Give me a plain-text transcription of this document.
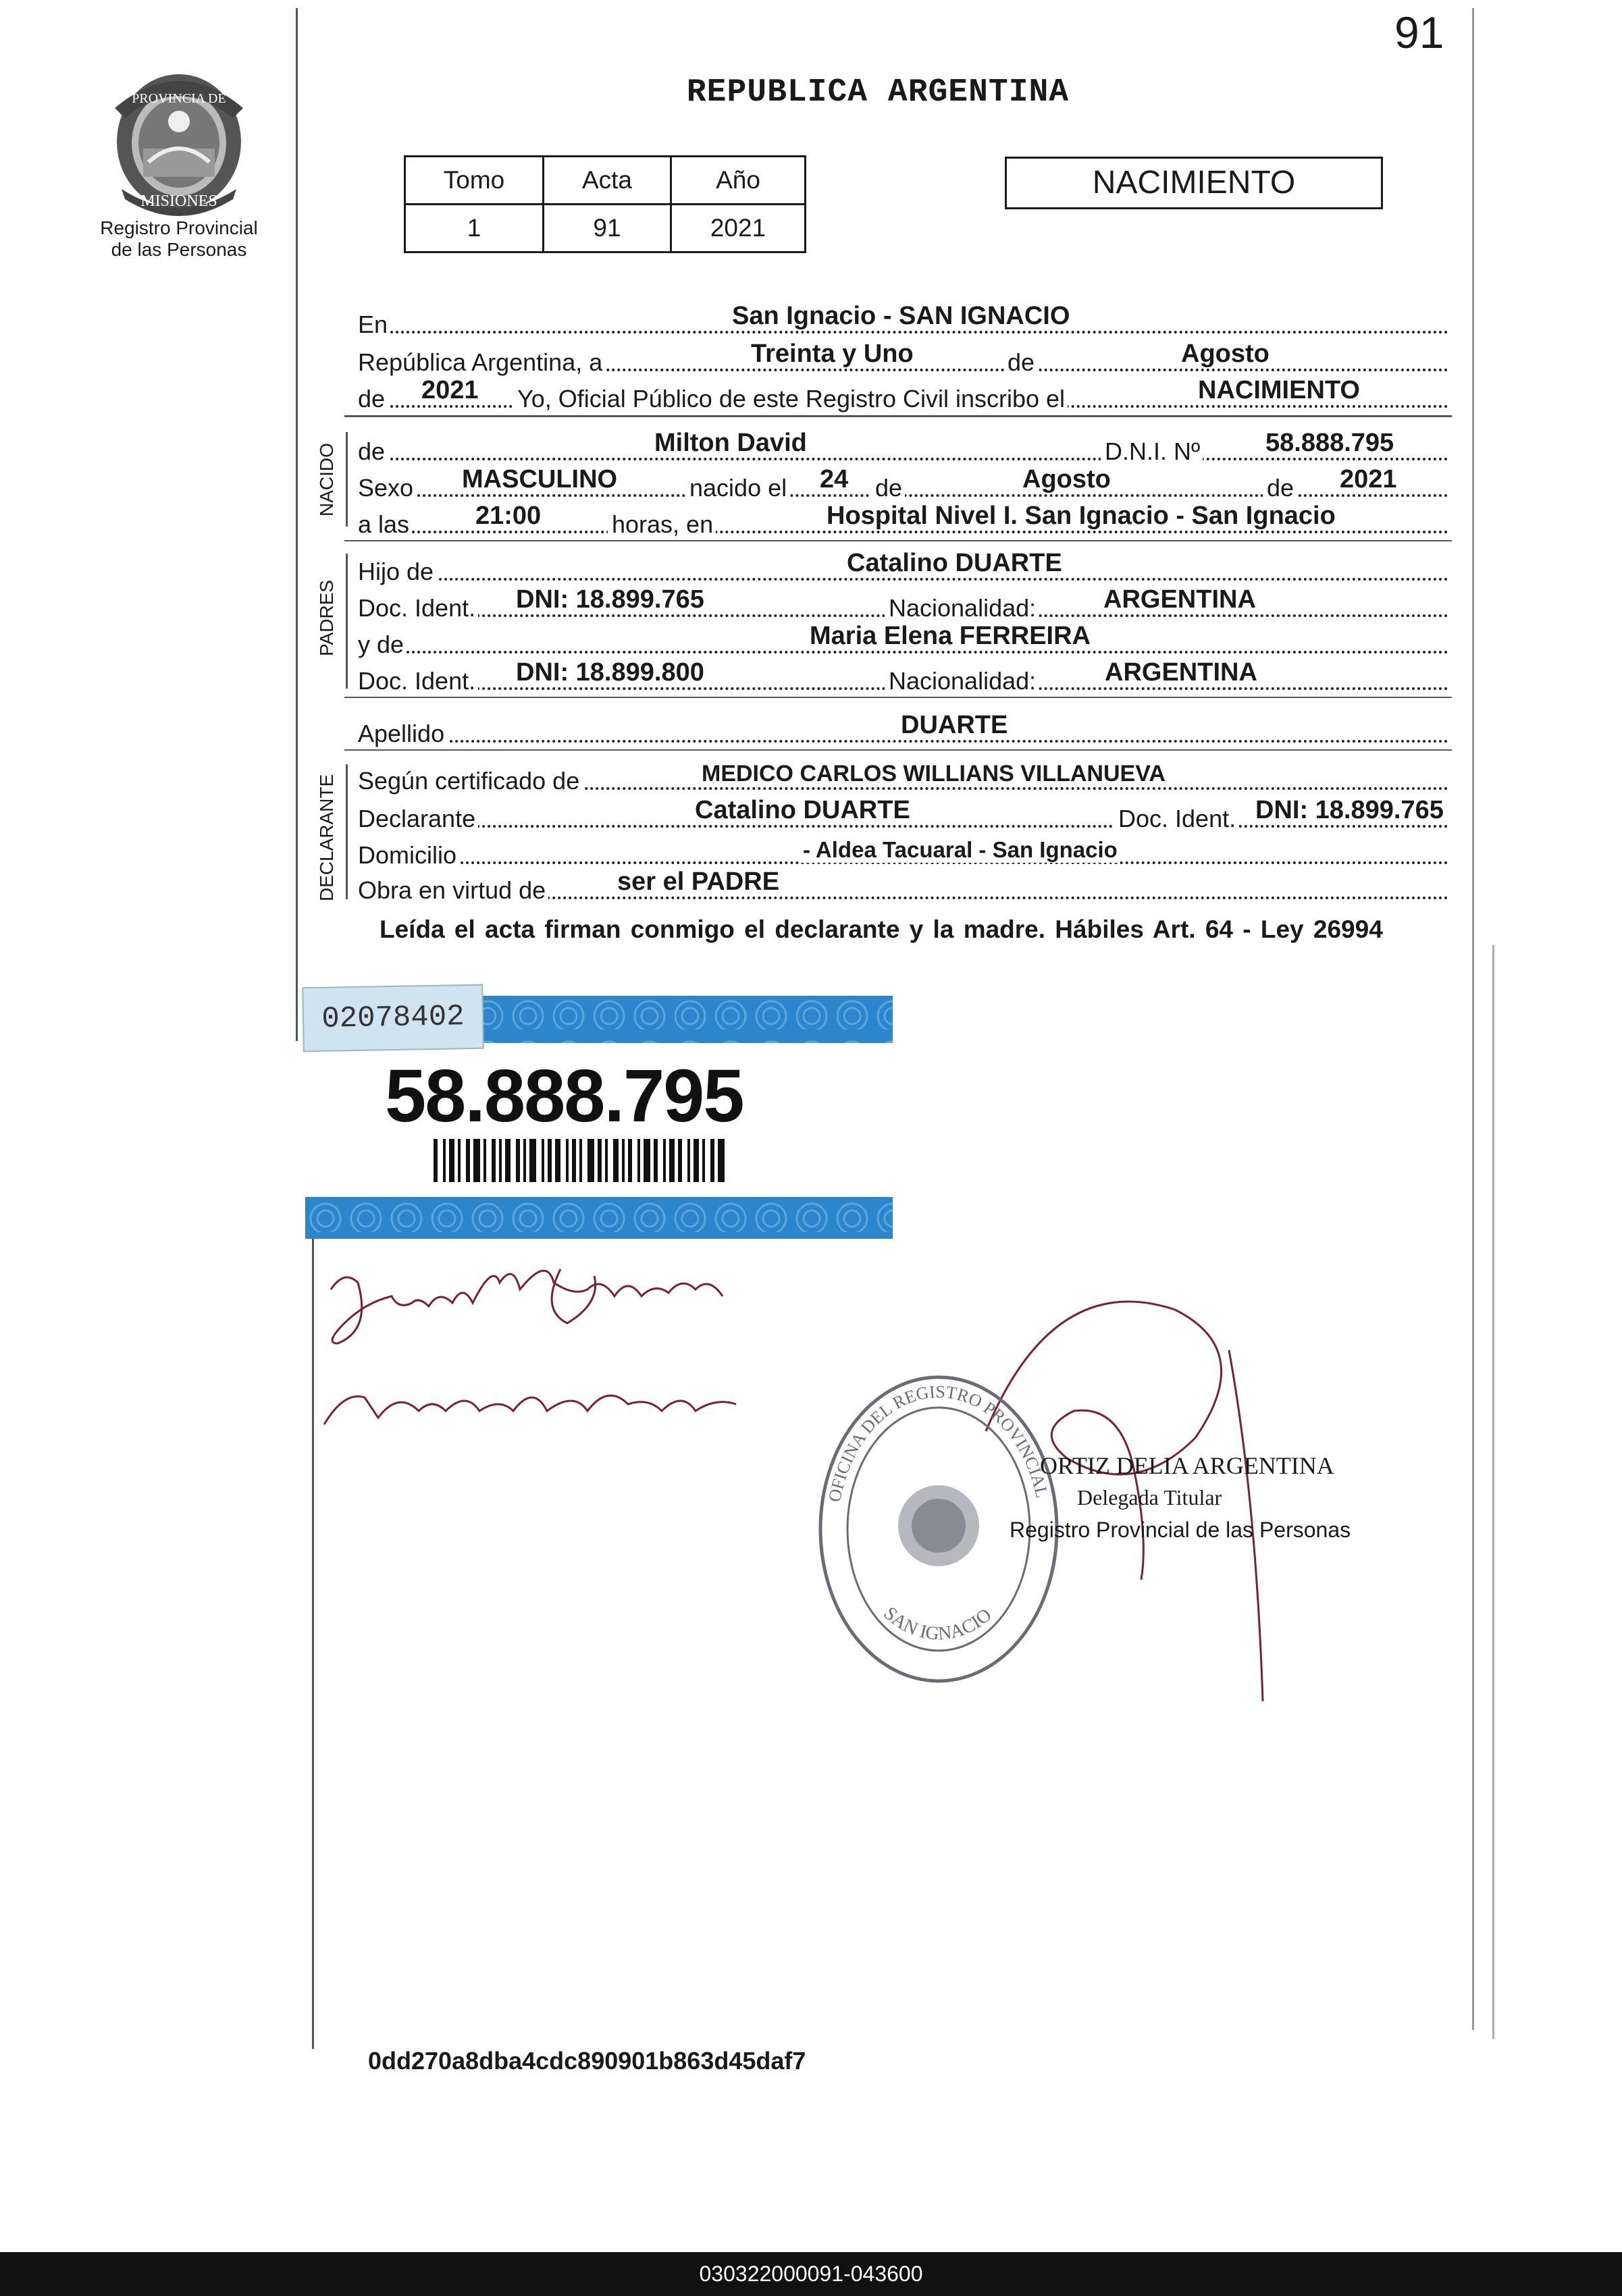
91
PROVINCIA DE
MISIONES
Registro Provincial
de las Personas
REPUBLICA ARGENTINA
Tomo	Acta	Año
1	91	2021
NACIMIENTO
En	San Ignacio - SAN IGNACIO
República Argentina, a	Treinta y Uno	de	Agosto
de 2021 Yo, Oficial Público de este Registro Civil inscribo el	NACIMIENTO
NACIDO de	Milton David	D.N.I. Nº	58.888.795
Sexo MASCULINO	nacido el 24 de	Agosto	de 2021
a las	21:00	horas, en	Hospital Nivel I. San Ignacio - San Ignacio
PADRES
Hijo de	Catalino DUARTE
Doc. Ident. DNI: 18.899.765	Nacionalidad:	ARGENTINA
y de	Maria Elena FERREIRA
Doc. Ident. DNI: 18.899.800	Nacionalidad:	ARGENTINA
Apellido	DUARTE
DECLARANTE Según certificado de	MEDICO CARLOS WILLIANS VILLANUEVA
Declarante	Catalino DUARTE	Doc. Ident. DNI: 18.899.765
Domicilio	- Aldea Tacuaral - San Ignacio
Obra en virtud de	ser el PADRE
Leída el acta firman conmigo el declarante y la madre. Hábiles Art. 64 - Ley 26994
02078402
58.888.795
OFICINA DEL REGISTRO PROVINCIAL
SAN IGNACIO
ORTIZ DELIA ARGENTINA
Delegada Titular
Registro Provincial de las Personas
0dd270a8dba4cdc890901b863d45daf7
030322000091-043600
